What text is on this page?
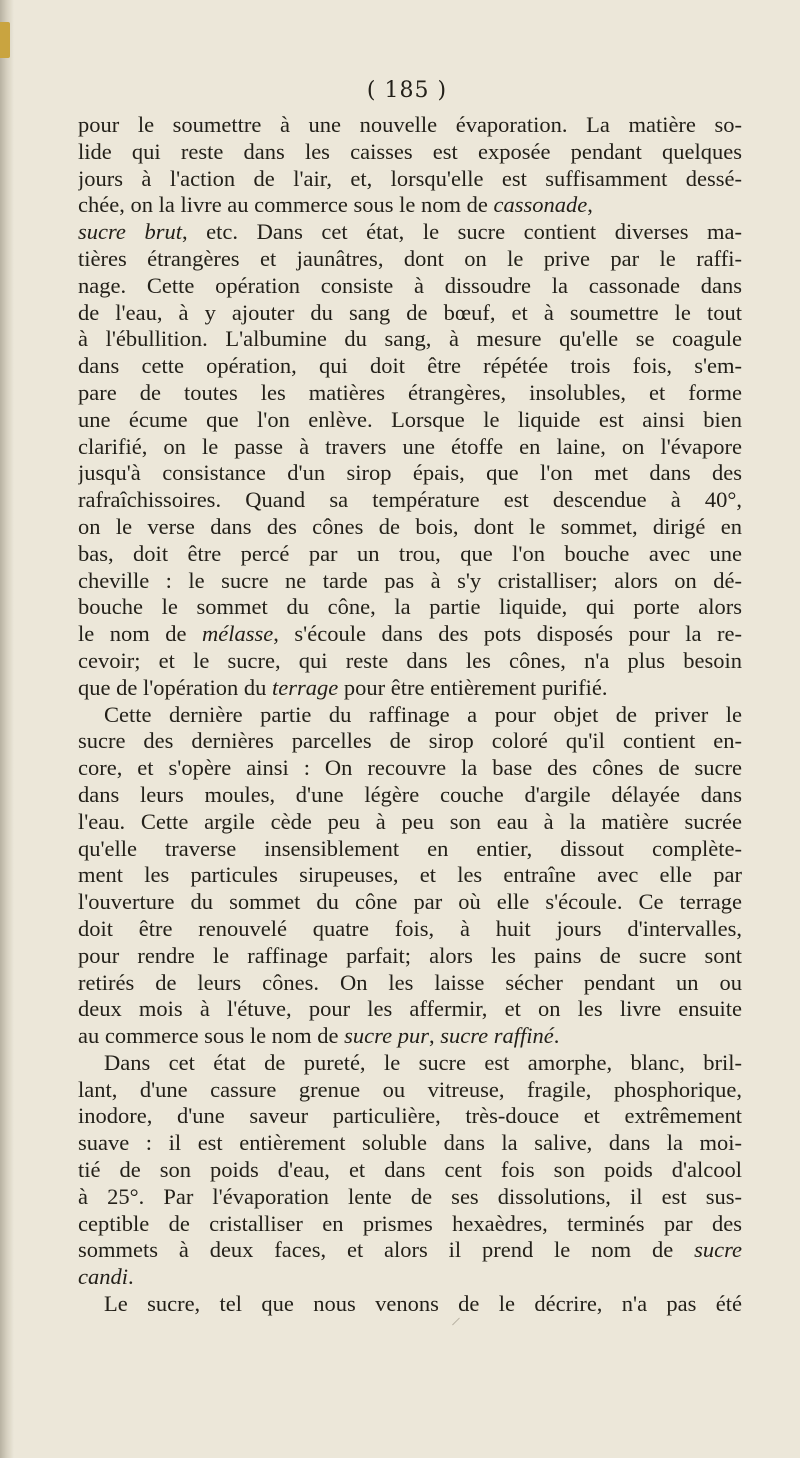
( 185 )
pour le soumettre à une nouvelle évaporation. La matière so-
lide qui reste dans les caisses est exposée pendant quelques
jours à l'action de l'air, et, lorsqu'elle est suffisamment dessé-
chée, on la livre au commerce sous le nom de cassonade,
sucre brut, etc. Dans cet état, le sucre contient diverses ma-
tières étrangères et jaunâtres, dont on le prive par le raffi-
nage. Cette opération consiste à dissoudre la cassonade dans
de l'eau, à y ajouter du sang de bœuf, et à soumettre le tout
à l'ébullition. L'albumine du sang, à mesure qu'elle se coagule
dans cette opération, qui doit être répétée trois fois, s'em-
pare de toutes les matières étrangères, insolubles, et forme
une écume que l'on enlève. Lorsque le liquide est ainsi bien
clarifié, on le passe à travers une étoffe en laine, on l'évapore
jusqu'à consistance d'un sirop épais, que l'on met dans des
rafraîchissoires. Quand sa température est descendue à 40°,
on le verse dans des cônes de bois, dont le sommet, dirigé en
bas, doit être percé par un trou, que l'on bouche avec une
cheville : le sucre ne tarde pas à s'y cristalliser; alors on dé-
bouche le sommet du cône, la partie liquide, qui porte alors
le nom de mélasse, s'écoule dans des pots disposés pour la re-
cevoir; et le sucre, qui reste dans les cônes, n'a plus besoin
que de l'opération du terrage pour être entièrement purifié.
Cette dernière partie du raffinage a pour objet de priver le
sucre des dernières parcelles de sirop coloré qu'il contient en-
core, et s'opère ainsi : On recouvre la base des cônes de sucre
dans leurs moules, d'une légère couche d'argile délayée dans
l'eau. Cette argile cède peu à peu son eau à la matière sucrée
qu'elle traverse insensiblement en entier, dissout complète-
ment les particules sirupeuses, et les entraîne avec elle par
l'ouverture du sommet du cône par où elle s'écoule. Ce terrage
doit être renouvelé quatre fois, à huit jours d'intervalles,
pour rendre le raffinage parfait; alors les pains de sucre sont
retirés de leurs cônes. On les laisse sécher pendant un ou
deux mois à l'étuve, pour les affermir, et on les livre ensuite
au commerce sous le nom de sucre pur, sucre raffiné.
Dans cet état de pureté, le sucre est amorphe, blanc, bril-
lant, d'une cassure grenue ou vitreuse, fragile, phosphorique,
inodore, d'une saveur particulière, très-douce et extrêmement
suave : il est entièrement soluble dans la salive, dans la moi-
tié de son poids d'eau, et dans cent fois son poids d'alcool
à 25°. Par l'évaporation lente de ses dissolutions, il est sus-
ceptible de cristalliser en prismes hexaèdres, terminés par des
sommets à deux faces, et alors il prend le nom de sucre
candi.
Le sucre, tel que nous venons de le décrire, n'a pas été
